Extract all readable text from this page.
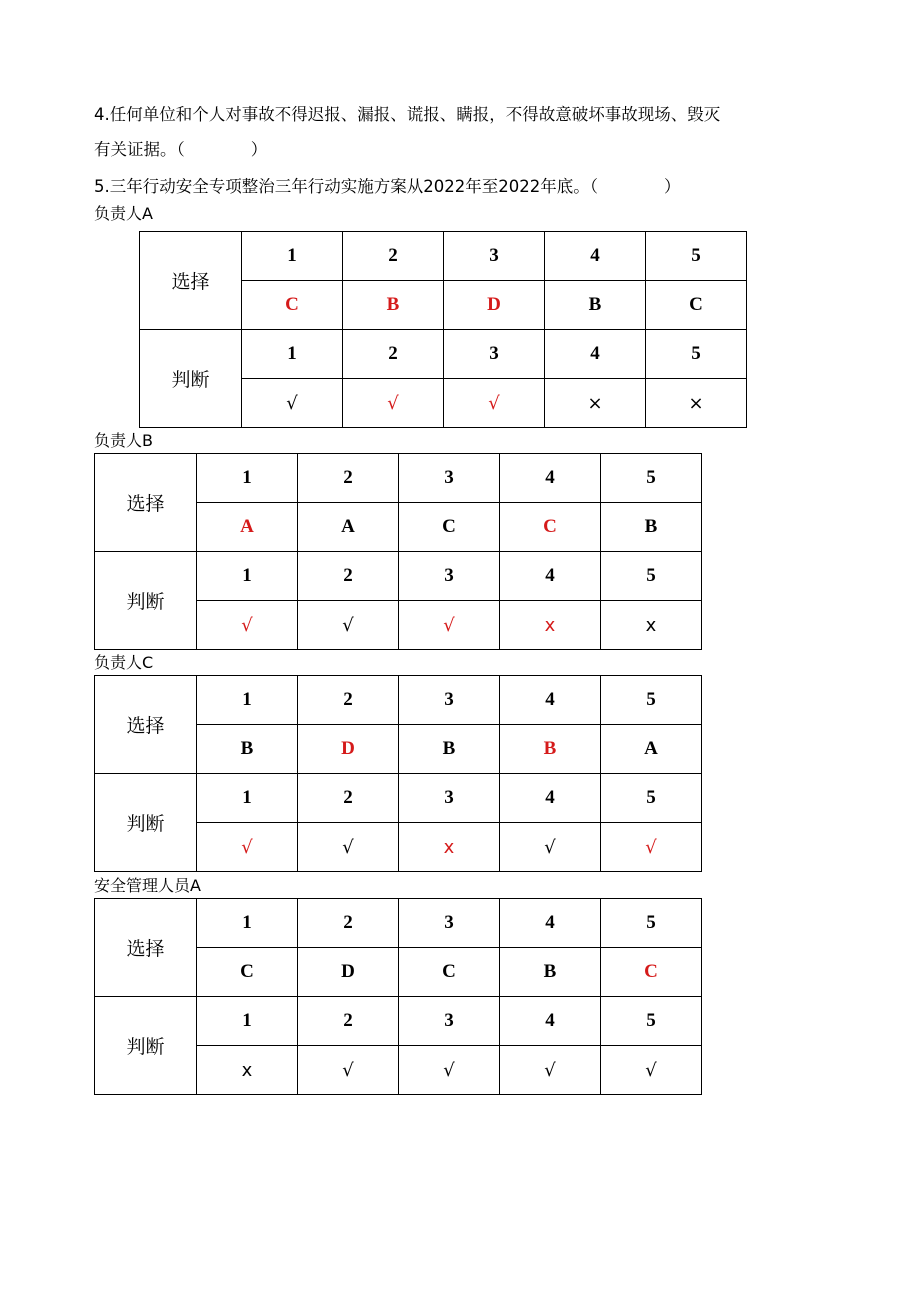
4.任何单位和个人对事故不得迟报、漏报、谎报、瞒报，不得故意破坏事故现场、毁灭
有关证据。（　　　　）
5.三年行动安全专项整治三年行动实施方案从2022年至2022年底。（　　　　）
负责人A
选择	1	2	3	4	5
	C	B	D	B	C
判断	1	2	3	4	5
	√	√	√	×	×
负责人B
选择	1	2	3	4	5
	A	A	C	C	B
判断	1	2	3	4	5
	√	√	√	x	x
负责人C
选择	1	2	3	4	5
	B	D	B	B	A
判断	1	2	3	4	5
	√	√	x	√	√
安全管理人员A
选择	1	2	3	4	5
	C	D	C	B	C
判断	1	2	3	4	5
	x	√	√	√	√
